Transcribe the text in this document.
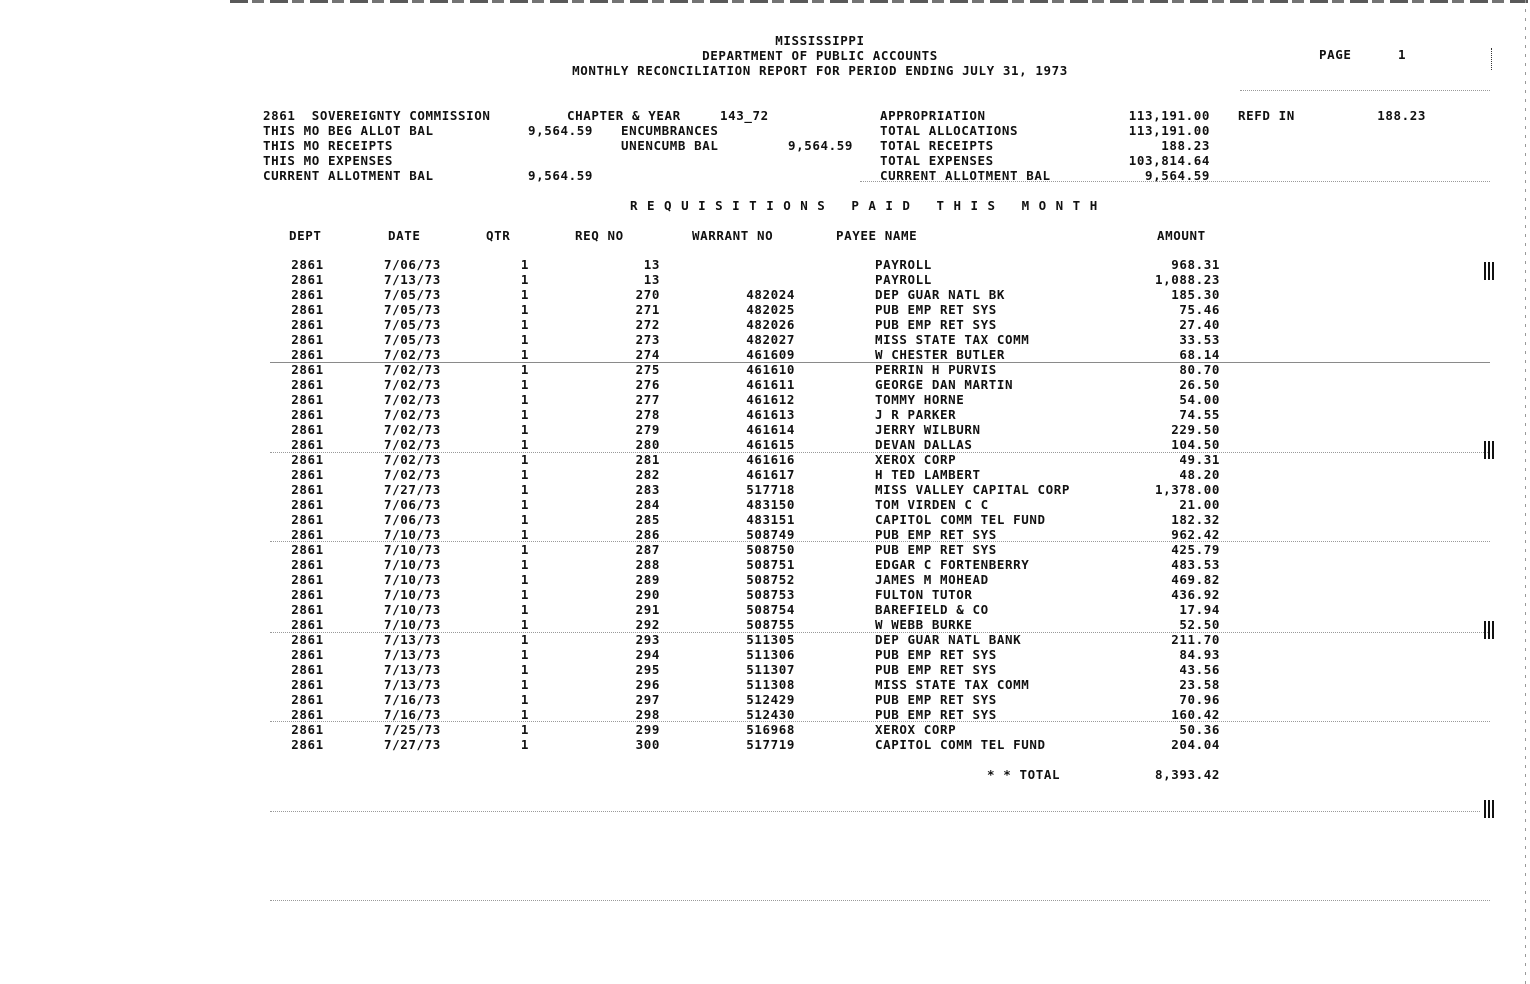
MISSISSIPPI
DEPARTMENT OF PUBLIC ACCOUNTS
MONTHLY RECONCILIATION REPORT FOR PERIOD ENDING JULY 31, 1973
PAGE	1
2861  SOVEREIGNTY COMMISSION	CHAPTER & YEAR	143_72
THIS MO BEG ALLOT BAL	9,564.59 ENCUMBRANCES
THIS MO RECEIPTS	UNENCUMB BAL	9,564.59
THIS MO EXPENSES
CURRENT ALLOTMENT BAL	9,564.59
APPROPRIATION	113,191.00 REFD IN	188.23
TOTAL ALLOCATIONS	113,191.00
TOTAL RECEIPTS	188.23
TOTAL EXPENSES	103,814.64
CURRENT ALLOTMENT BAL	9,564.59
REQUISITIONS PAID THIS MONTH
DEPT	DATE	QTR	REQ NO	WARRANT NO	PAYEE NAME	AMOUNT
2861	7/06/73	1	13			PAYROLL	968.31
2861	7/13/73	1	13			PAYROLL	1,088.23
2861	7/05/73	1	270	482024		DEP GUAR NATL BK	185.30
2861	7/05/73	1	271	482025		PUB EMP RET SYS	75.46
2861	7/05/73	1	272	482026		PUB EMP RET SYS	27.40
2861	7/05/73	1	273	482027		MISS STATE TAX COMM	33.53
2861	7/02/73	1	274	461609		W CHESTER BUTLER	68.14
2861	7/02/73	1	275	461610		PERRIN H PURVIS	80.70
2861	7/02/73	1	276	461611		GEORGE DAN MARTIN	26.50
2861	7/02/73	1	277	461612		TOMMY HORNE	54.00
2861	7/02/73	1	278	461613		J R PARKER	74.55
2861	7/02/73	1	279	461614		JERRY WILBURN	229.50
2861	7/02/73	1	280	461615		DEVAN DALLAS	104.50
2861	7/02/73	1	281	461616		XEROX CORP	49.31
2861	7/02/73	1	282	461617		H TED LAMBERT	48.20
2861	7/27/73	1	283	517718		MISS VALLEY CAPITAL CORP	1,378.00
2861	7/06/73	1	284	483150		TOM VIRDEN C C	21.00
2861	7/06/73	1	285	483151		CAPITOL COMM TEL FUND	182.32
2861	7/10/73	1	286	508749		PUB EMP RET SYS	962.42
2861	7/10/73	1	287	508750		PUB EMP RET SYS	425.79
2861	7/10/73	1	288	508751		EDGAR C FORTENBERRY	483.53
2861	7/10/73	1	289	508752		JAMES M MOHEAD	469.82
2861	7/10/73	1	290	508753		FULTON TUTOR	436.92
2861	7/10/73	1	291	508754		BAREFIELD & CO	17.94
2861	7/10/73	1	292	508755		W WEBB BURKE	52.50
2861	7/13/73	1	293	511305		DEP GUAR NATL BANK	211.70
2861	7/13/73	1	294	511306		PUB EMP RET SYS	84.93
2861	7/13/73	1	295	511307		PUB EMP RET SYS	43.56
2861	7/13/73	1	296	511308		MISS STATE TAX COMM	23.58
2861	7/16/73	1	297	512429		PUB EMP RET SYS	70.96
2861	7/16/73	1	298	512430		PUB EMP RET SYS	160.42
2861	7/25/73	1	299	516968		XEROX CORP	50.36
2861	7/27/73	1	300	517719		CAPITOL COMM TEL FUND	204.04
* * TOTAL	8,393.42
